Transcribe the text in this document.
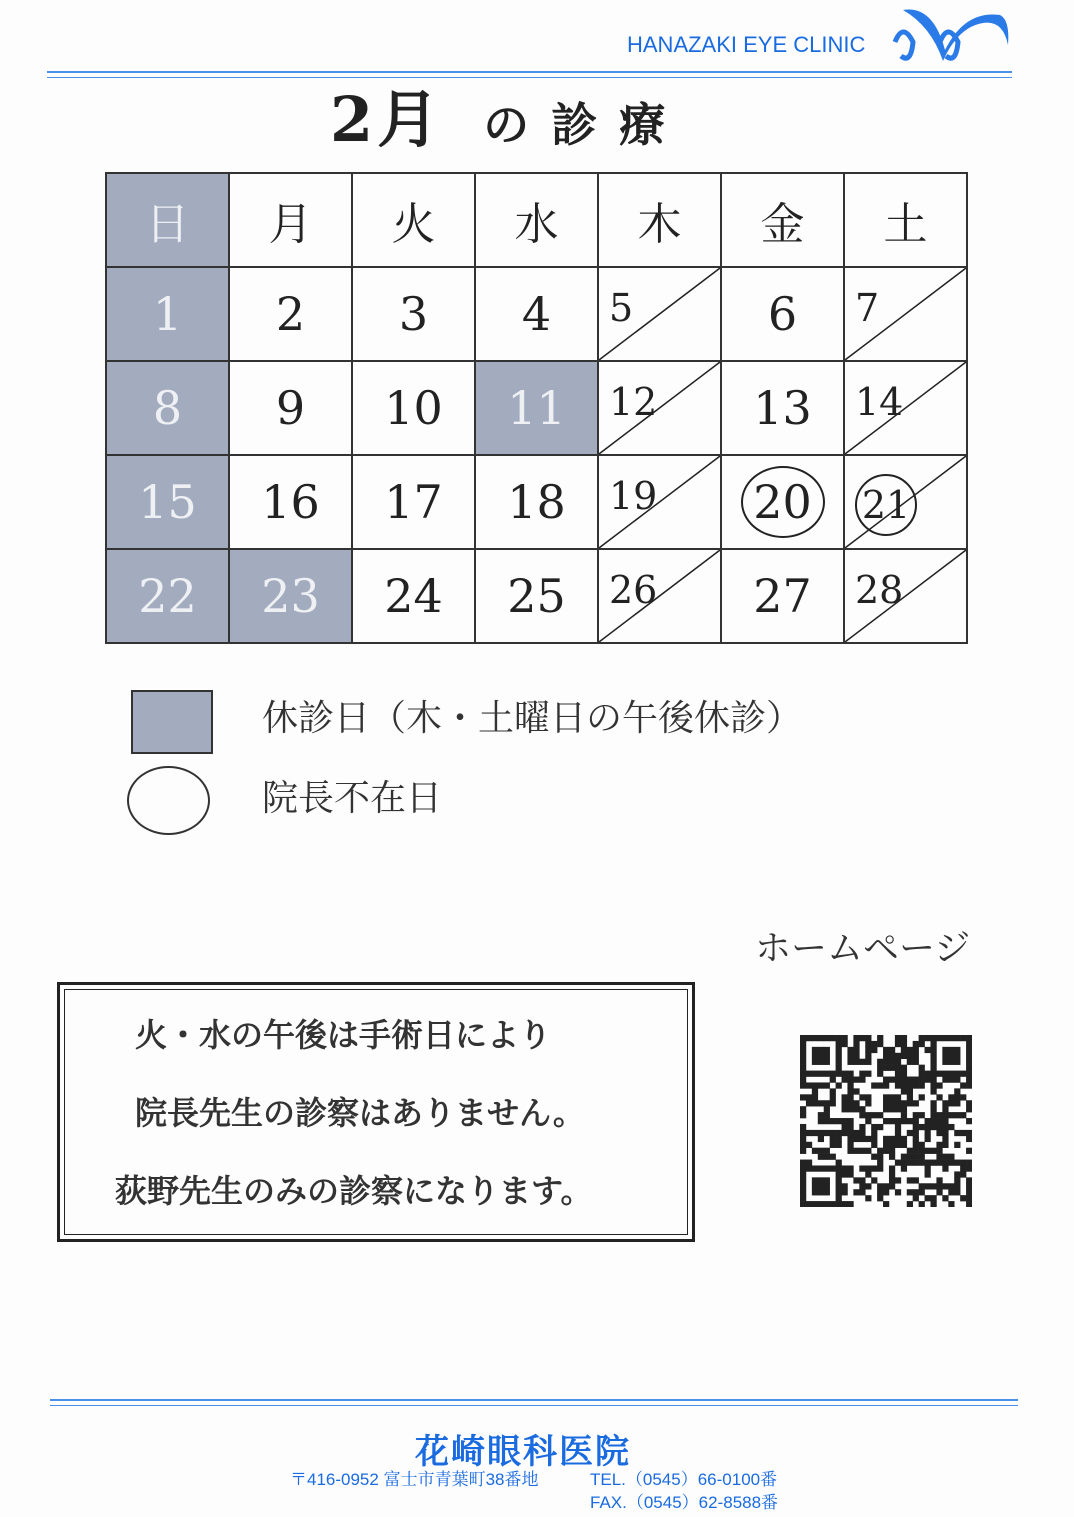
HANAZAKI EYE CLINIC
2月 の診療
日	月	火	水	木	金	土
1	2	3	4	5	6	7

8	9	10	11	12	13	14

15	16	17	18	19	20	21

22	23	24	25	26	27	28
休診日（木・土曜日の午後休診）
院長不在日
ホームページ
火・水の午後は手術日により
院長先生の診察はありません。
荻野先生のみの診察になります。
花崎眼科医院
〒416-0952 富士市青葉町38番地	TEL.（0545）66-0100番
FAX.（0545）62-8588番
